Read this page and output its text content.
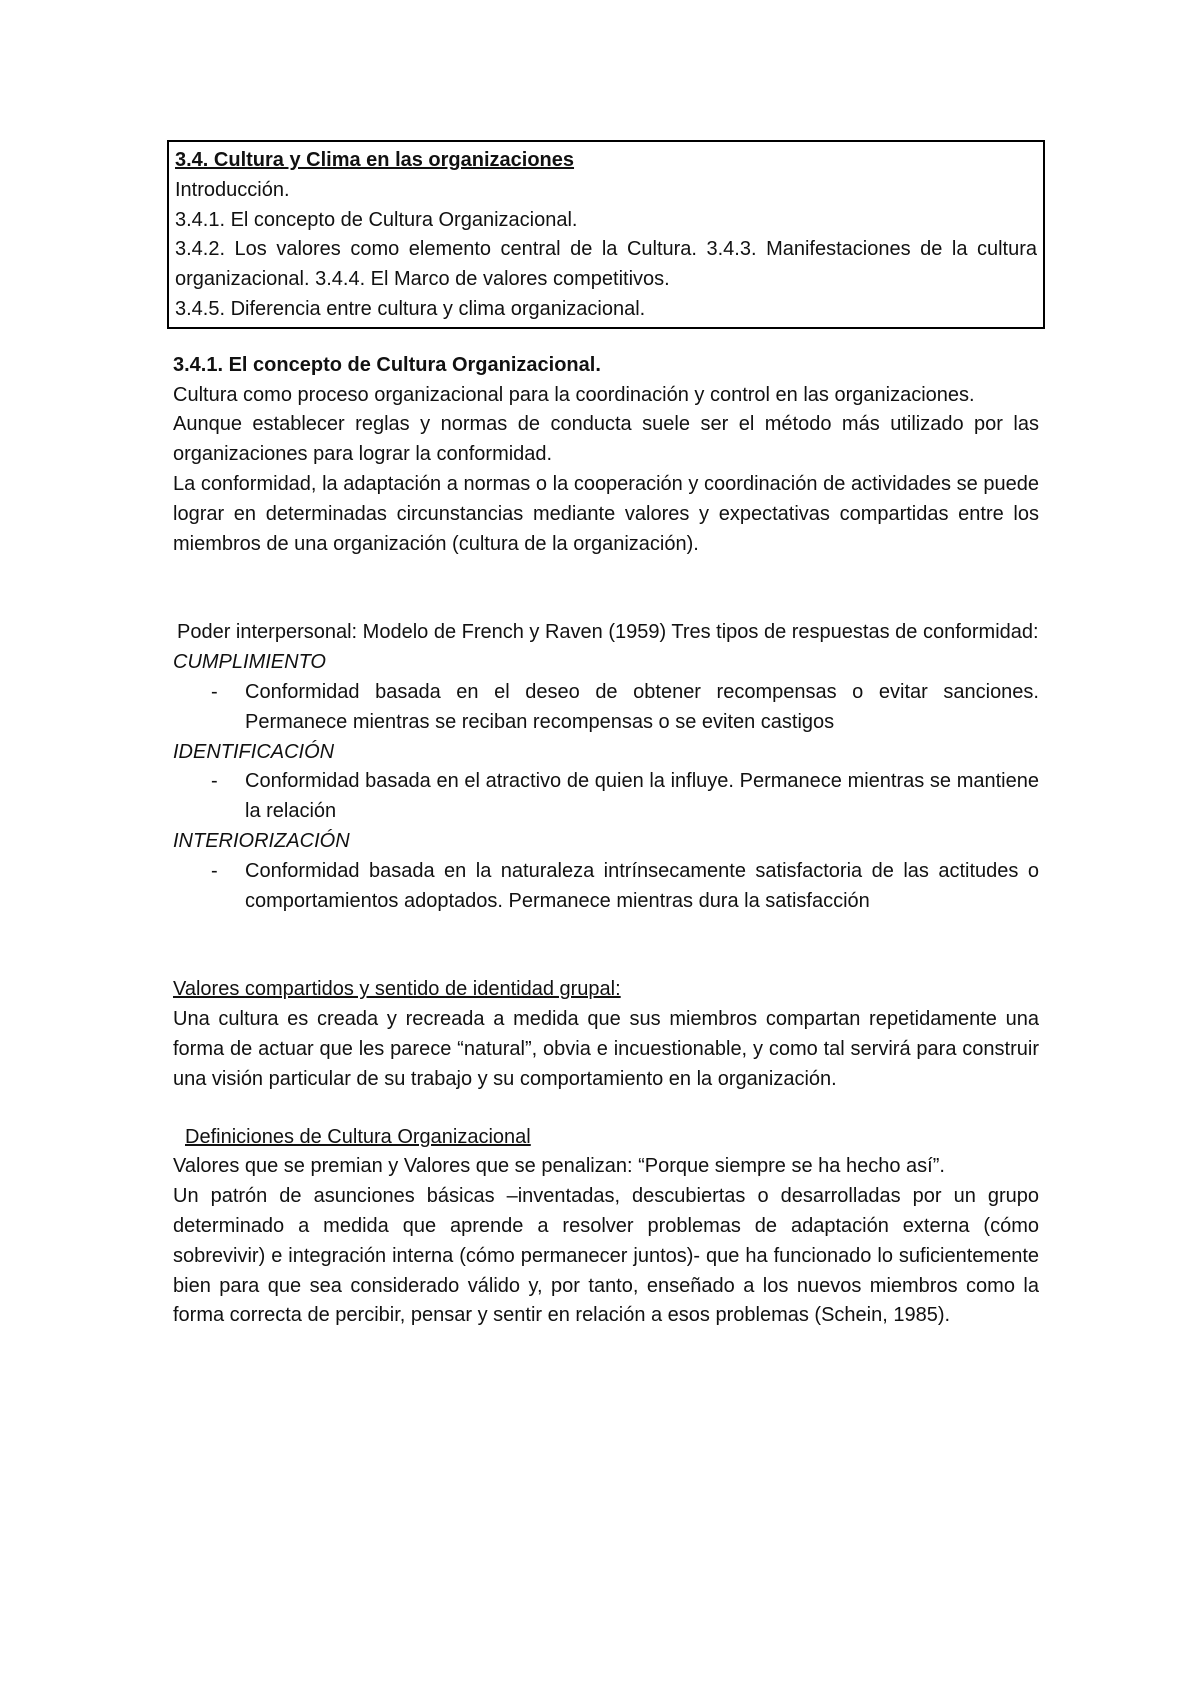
3.4. Cultura y Clima en las organizaciones
Introducción.
3.4.1. El concepto de Cultura Organizacional.
3.4.2. Los valores como elemento central de la Cultura. 3.4.3. Manifestaciones de la cultura organizacional. 3.4.4. El Marco de valores competitivos.
3.4.5. Diferencia entre cultura y clima organizacional.
3.4.1. El concepto de Cultura Organizacional.
Cultura como proceso organizacional para la coordinación y control en las organizaciones.
Aunque establecer reglas y normas de conducta suele ser el método más utilizado por las organizaciones para lograr la conformidad.
La conformidad, la adaptación a normas o la cooperación y coordinación de actividades se puede lograr en determinadas circunstancias mediante valores y expectativas compartidas entre los miembros de una organización (cultura de la organización).
Poder interpersonal: Modelo de French y Raven (1959) Tres tipos de respuestas de conformidad:
CUMPLIMIENTO
- Conformidad basada en el deseo de obtener recompensas o evitar sanciones. Permanece mientras se reciban recompensas o se eviten castigos
IDENTIFICACIÓN
- Conformidad basada en el atractivo de quien la influye. Permanece mientras se mantiene la relación
INTERIORIZACIÓN
- Conformidad basada en la naturaleza intrínsecamente satisfactoria de las actitudes o comportamientos adoptados. Permanece mientras dura la satisfacción
Valores compartidos y sentido de identidad grupal:
Una cultura es creada y recreada a medida que sus miembros compartan repetidamente una forma de actuar que les parece “natural”, obvia e incuestionable, y como tal servirá para construir una visión particular de su trabajo y su comportamiento en la organización.
Definiciones de Cultura Organizacional
Valores que se premian y Valores que se penalizan: “Porque siempre se ha hecho así”.
Un patrón de asunciones básicas –inventadas, descubiertas o desarrolladas por un grupo determinado a medida que aprende a resolver problemas de adaptación externa (cómo sobrevivir) e integración interna (cómo permanecer juntos)- que ha funcionado lo suficientemente bien para que sea considerado válido y, por tanto, enseñado a los nuevos miembros como la forma correcta de percibir, pensar y sentir en relación a esos problemas (Schein, 1985).
